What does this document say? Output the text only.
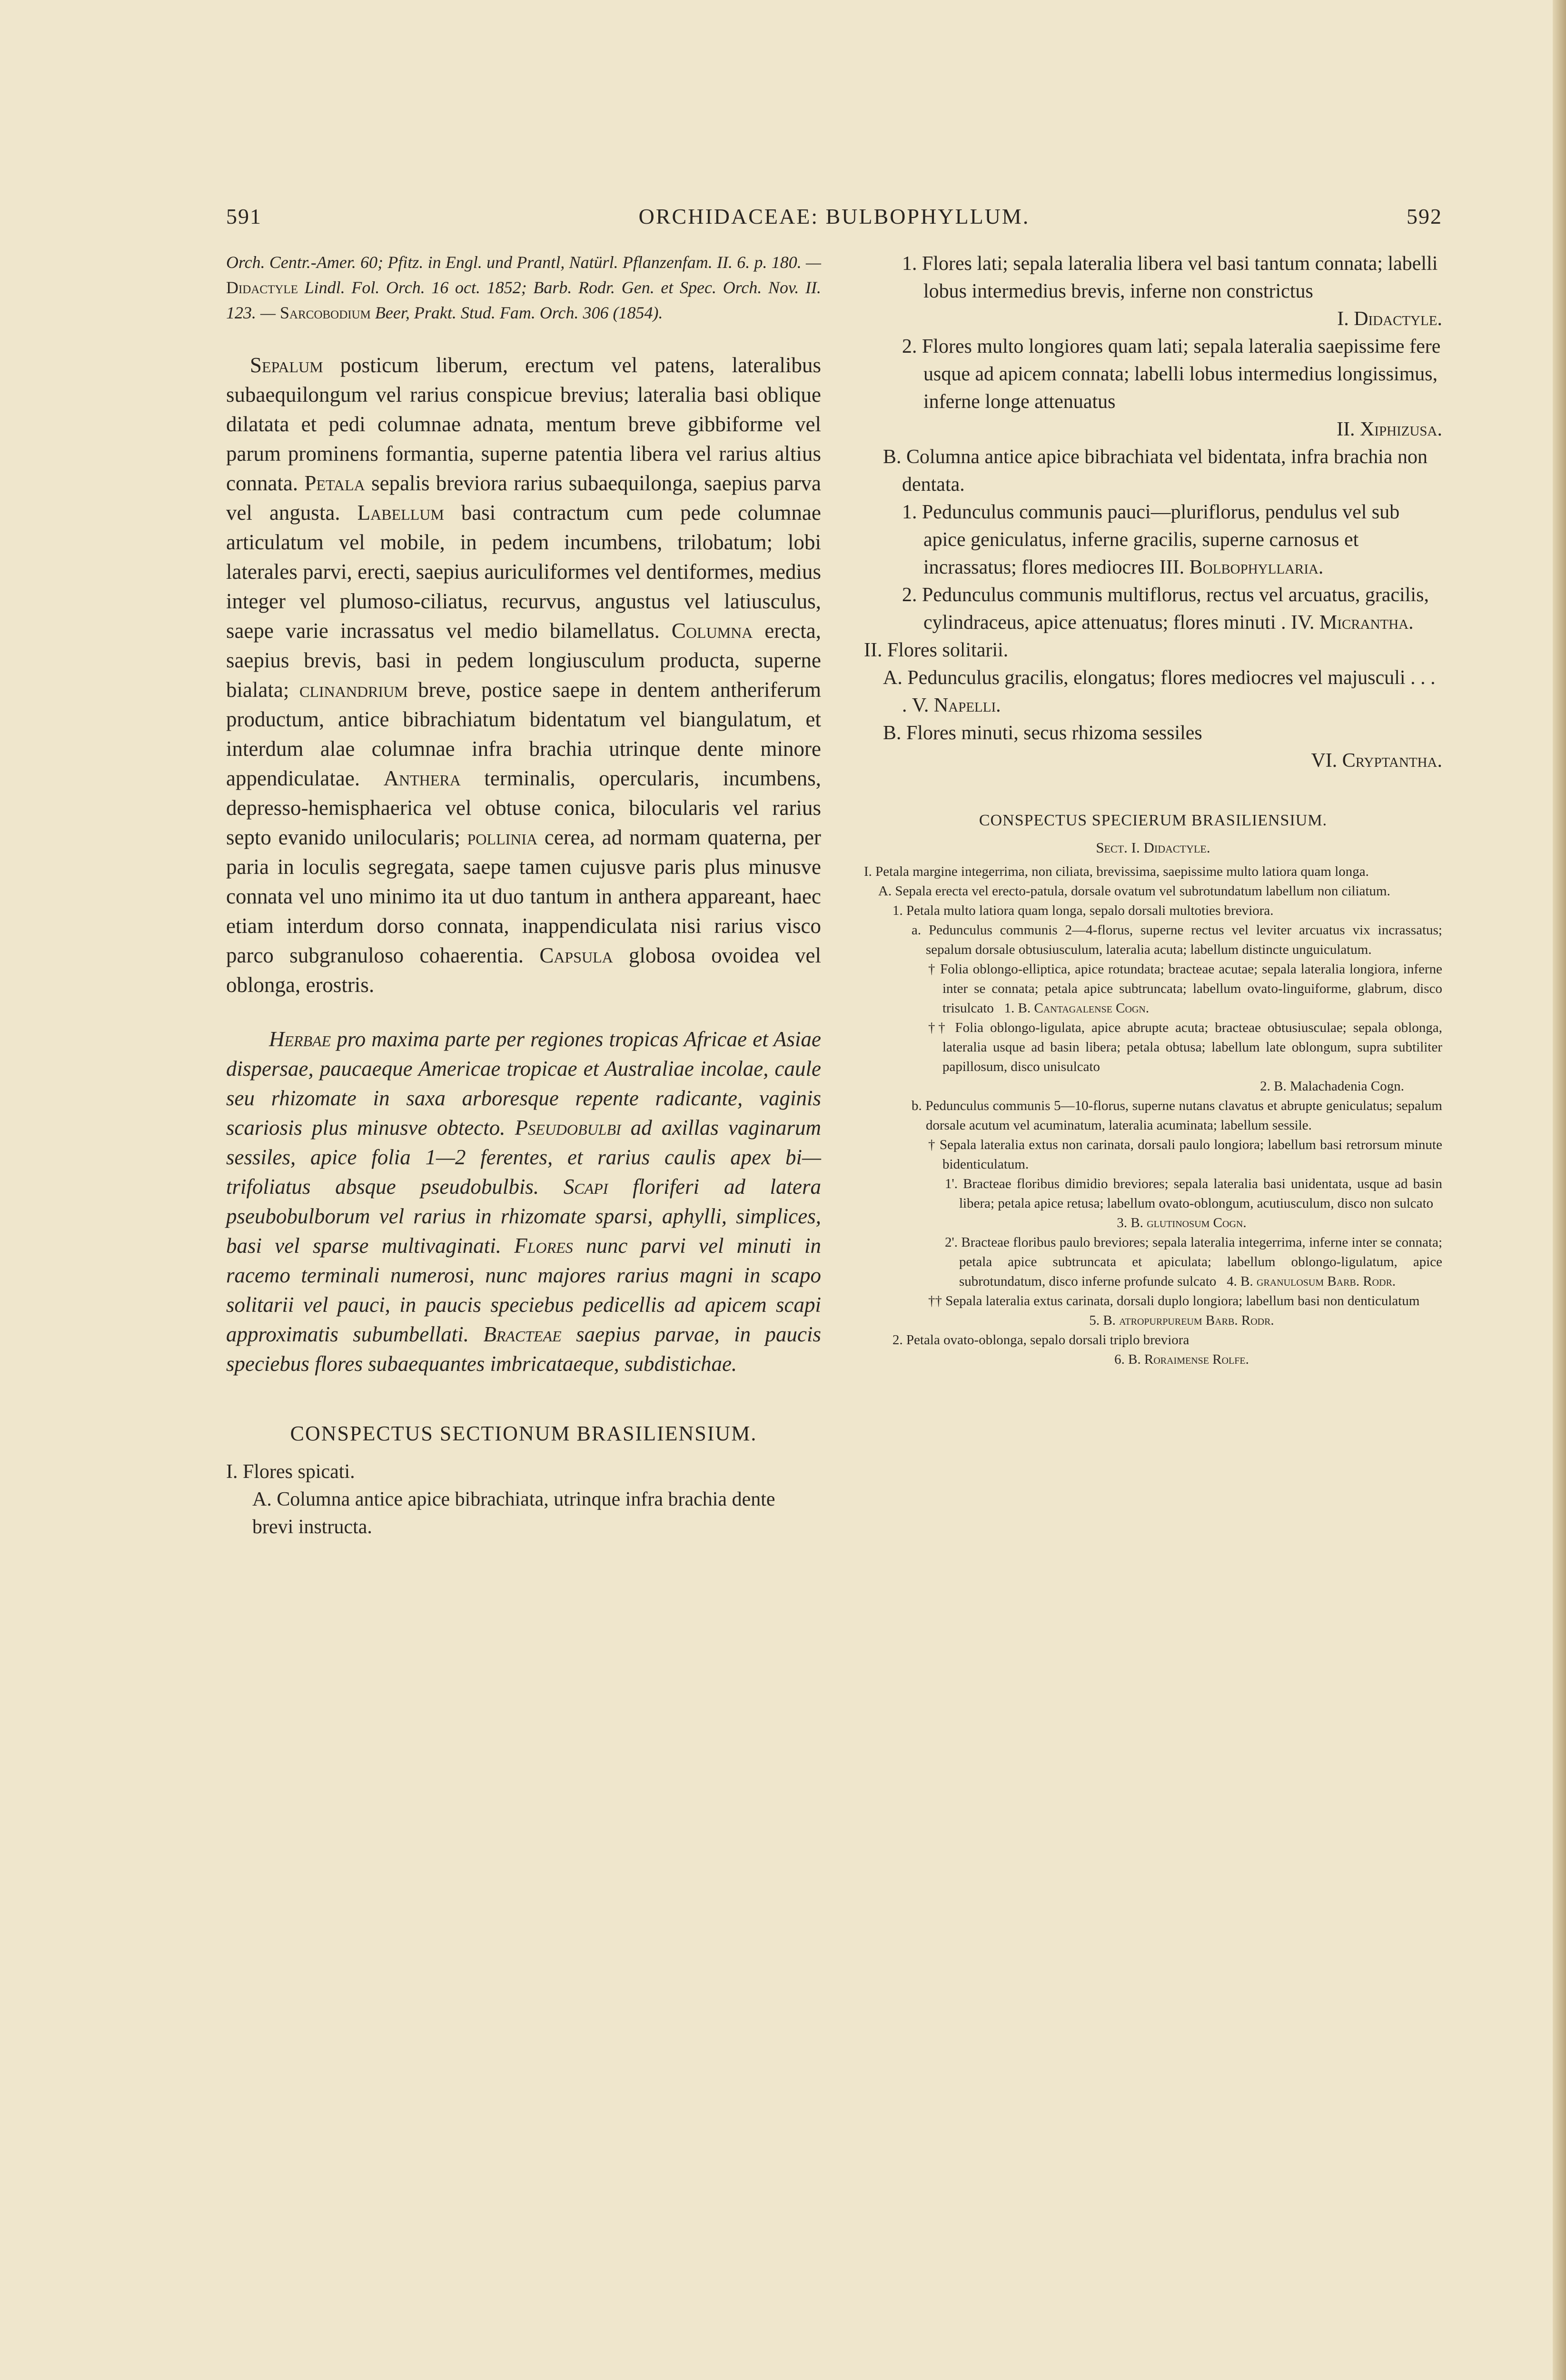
591	ORCHIDACEAE: BULBOPHYLLUM.	592

Orch. Centr.-Amer. 60; Pfitz. in Engl. und Prantl, Natürl. Pflanzenfam. II. 6. p. 180. — Didactyle Lindl. Fol. Orch. 16 oct. 1852; Barb. Rodr. Gen. et Spec. Orch. Nov. II. 123. — Sarcobodium Beer, Prakt. Stud. Fam. Orch. 306 (1854).

Sepalum posticum liberum, erectum vel patens, lateralibus subaequilongum vel rarius conspicue brevius; lateralia basi oblique dilatata et pedi columnae adnata, mentum breve gibbiforme vel parum prominens formantia, superne patentia libera vel rarius altius connata. Petala sepalis breviora rarius subaequilonga, saepius parva vel angusta. Labellum basi contractum cum pede columnae articulatum vel mobile, in pedem incumbens, trilobatum; lobi laterales parvi, erecti, saepius auriculiformes vel dentiformes, medius integer vel plumoso-ciliatus, recurvus, angustus vel latiusculus, saepe varie incrassatus vel medio bilamellatus. Columna erecta, saepius brevis, basi in pedem longiusculum producta, superne bialata; clinandrium breve, postice saepe in dentem antheriferum productum, antice bibrachiatum bidentatum vel biangulatum, et interdum alae columnae infra brachia utrinque dente minore appendiculatae. Anthera terminalis, opercularis, incumbens, depresso-hemisphaerica vel obtuse conica, bilocularis vel rarius septo evanido unilocularis; pollinia cerea, ad normam quaterna, per paria in loculis segregata, saepe tamen cujusve paris plus minusve connata vel uno minimo ita ut duo tantum in anthera appareant, haec etiam interdum dorso connata, inappendiculata nisi rarius visco parco subgranuloso cohaerentia. Capsula globosa ovoidea vel oblonga, erostris.

Herbae pro maxima parte per regiones tropicas Africae et Asiae dispersae, paucaeque Americae tropicae et Australiae incolae, caule seu rhizomate in saxa arboresque repente radicante, vaginis scariosis plus minusve obtecto. Pseudobulbi ad axillas vaginarum sessiles, apice folia 1—2 ferentes, et rarius caulis apex bi—trifoliatus absque pseudobulbis. Scapi floriferi ad latera pseubobulborum vel rarius in rhizomate sparsi, aphylli, simplices, basi vel sparse multivaginati. Flores nunc parvi vel minuti in racemo terminali numerosi, nunc majores rarius magni in scapo solitarii vel pauci, in paucis speciebus pedicellis ad apicem scapi approximatis subumbellati. Bracteae saepius parvae, in paucis speciebus flores subaequantes imbricataeque, subdistichae.

CONSPECTUS SECTIONUM BRASILIENSIUM.
I. Flores spicati.
A. Columna antice apice bibrachiata, utrinque infra brachia dente brevi instructa.
1. Flores lati; sepala lateralia libera vel basi tantum connata; labelli lobus intermedius brevis, inferne non constrictus
I. Didactyle.
2. Flores multo longiores quam lati; sepala lateralia saepissime fere usque ad apicem connata; labelli lobus intermedius longissimus, inferne longe attenuatus
II. Xiphizusa.
B. Columna antice apice bibrachiata vel bidentata, infra brachia non dentata.
1. Pedunculus communis pauci—pluriflorus, pendulus vel sub apice geniculatus, inferne gracilis, superne carnosus et incrassatus; flores mediocres III. Bolbophyllaria.
2. Pedunculus communis multiflorus, rectus vel arcuatus, gracilis, cylindraceus, apice attenuatus; flores minuti . IV. Micrantha.
II. Flores solitarii.
A. Pedunculus gracilis, elongatus; flores mediocres vel majusculi . . . . V. Napelli.
B. Flores minuti, secus rhizoma sessiles
VI. Cryptantha.
CONSPECTUS SPECIERUM BRASILIENSIUM.
Sect. I. Didactyle.

I. Petala margine integerrima, non ciliata, brevissima, saepissime multo latiora quam longa.

A. Sepala erecta vel erecto-patula, dorsale ovatum vel subrotundatum labellum non ciliatum.

1. Petala multo latiora quam longa, sepalo dorsali multoties breviora.

a. Pedunculus communis 2—4-florus, superne rectus vel leviter arcuatus vix incrassatus; sepalum dorsale obtusiusculum, lateralia acuta; labellum distincte unguiculatum.

† Folia oblongo-elliptica, apice rotundata; bracteae acutae; sepala lateralia longiora, inferne inter se connata; petala apice subtruncata; labellum ovato-linguiforme, glabrum, disco trisulcato 1. B. Cantagalense Cogn.

†† Folia oblongo-ligulata, apice abrupte acuta; bracteae obtusiusculae; sepala oblonga, lateralia usque ad basin libera; petala obtusa; labellum late oblongum, supra subtiliter papillosum, disco unisulcato

2. B. Malachadenia Cogn.

b. Pedunculus communis 5—10-florus, superne nutans clavatus et abrupte geniculatus; sepalum dorsale acutum vel acuminatum, lateralia acuminata; labellum sessile.

† Sepala lateralia extus non carinata, dorsali paulo longiora; labellum basi retrorsum minute bidenticulatum.

1'. Bracteae floribus dimidio breviores; sepala lateralia basi unidentata, usque ad basin libera; petala apice retusa; labellum ovato-oblongum, acutiusculum, disco non sulcato

3. B. glutinosum Cogn.

2'. Bracteae floribus paulo breviores; sepala lateralia integerrima, inferne inter se connata; petala apice subtruncata et apiculata; labellum oblongo-ligulatum, apice subrotundatum, disco inferne profunde sulcato 4. B. granulosum Barb. Rodr.

†† Sepala lateralia extus carinata, dorsali duplo longiora; labellum basi non denticulatum

5. B. atropurpureum Barb. Rodr.

2. Petala ovato-oblonga, sepalo dorsali triplo breviora

6. B. Roraimense Rolfe.
